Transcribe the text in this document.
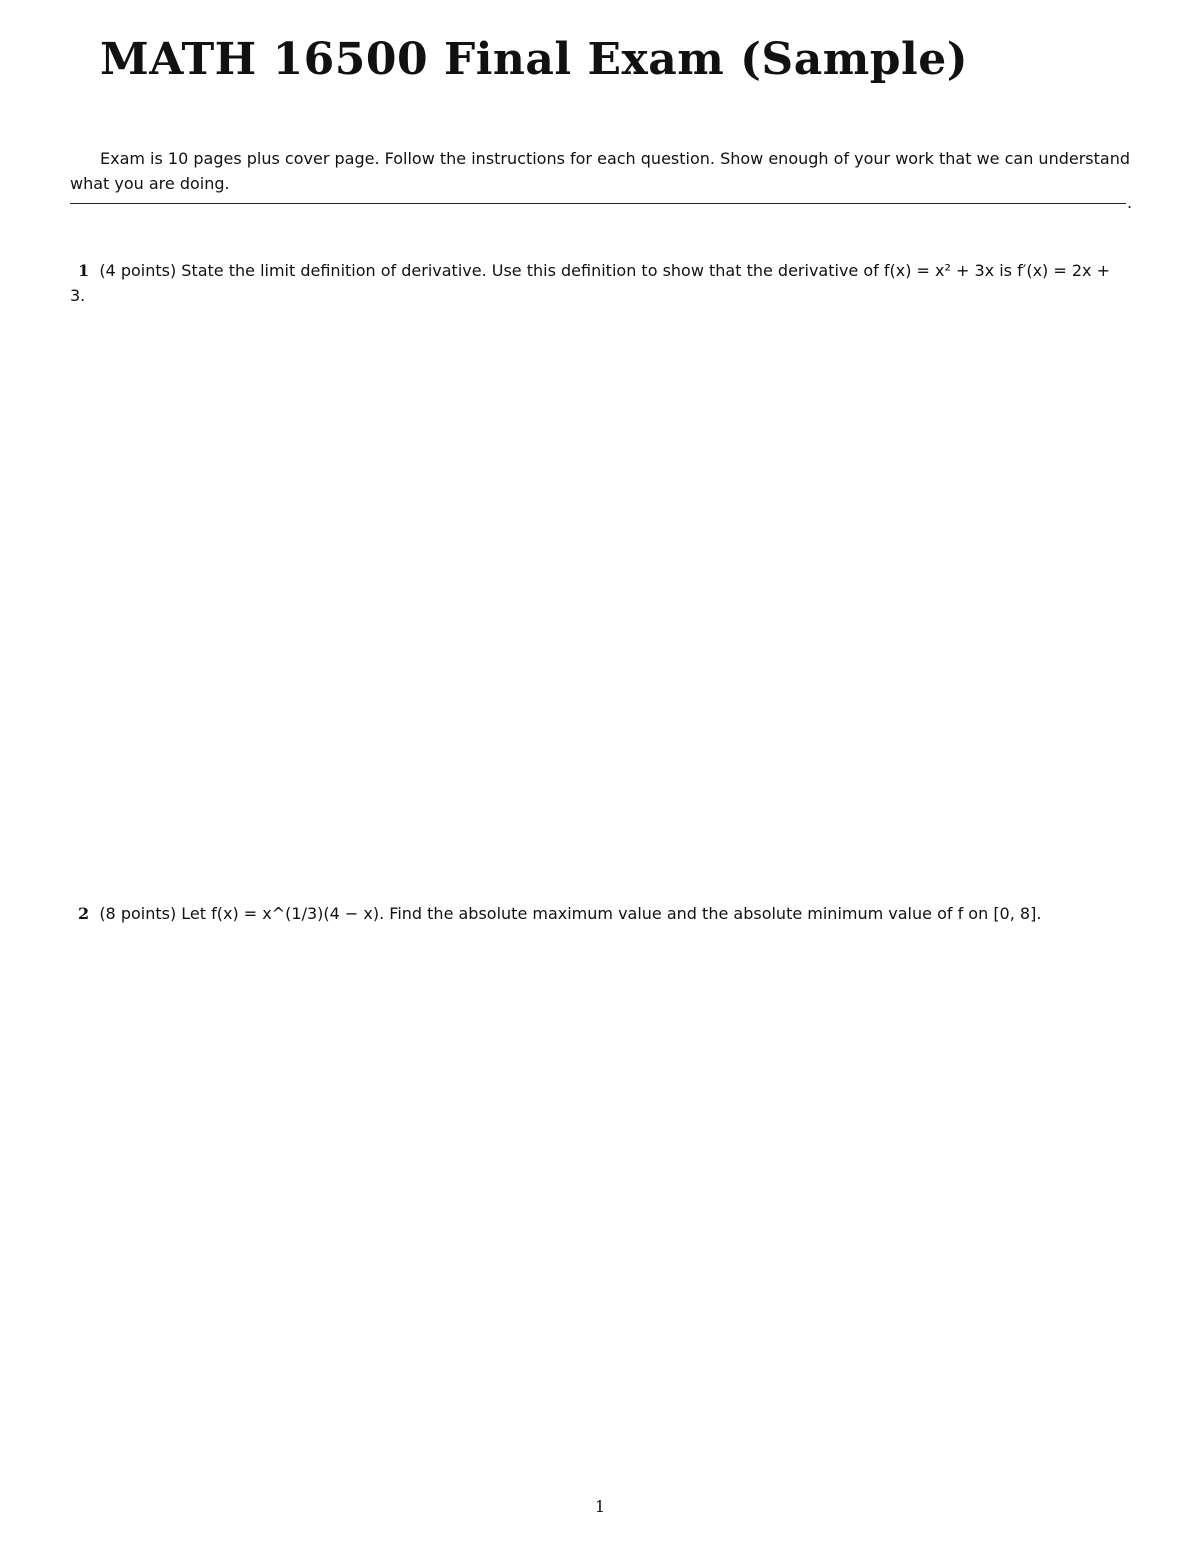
MATH 16500 Final Exam (Sample)

Exam is 10 pages plus cover page. Follow the instructions for each question. Show enough of your work that we can understand what you are doing.

.
1 (4 points) State the limit definition of derivative. Use this definition to show that the derivative of f(x) = x² + 3x is f′(x) = 2x + 3.
2 (8 points) Let f(x) = x^(1/3)(4 − x). Find the absolute maximum value and the absolute minimum value of f on [0, 8].
1
